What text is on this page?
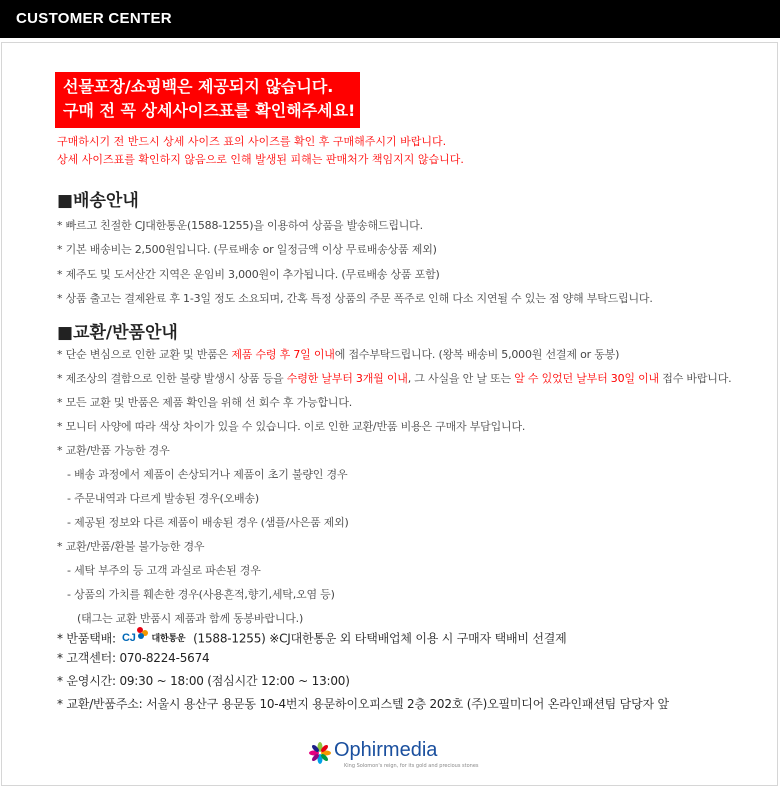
CUSTOMER CENTER
선물포장/쇼핑백은 제공되지 않습니다.
구매 전 꼭 상세사이즈표를 확인해주세요!
구매하시기 전 반드시 상세 사이즈 표의 사이즈를 확인 후 구매해주시기 바랍니다.
상세 사이즈표를 확인하지 않음으로 인해 발생된 피해는 판매처가 책임지지 않습니다.
■배송안내
* 빠르고 친절한 CJ대한통운(1588-1255)을 이용하여 상품을 발송해드립니다.
* 기본 배송비는 2,500원입니다. (무료배송 or 일정금액 이상 무료배송상품 제외)
* 제주도 및 도서산간 지역은 운임비 3,000원이 추가됩니다. (무료배송 상품 포함)
* 상품 출고는 결제완료 후 1-3일 정도 소요되며, 간혹 특정 상품의 주문 폭주로 인해 다소 지연될 수 있는 점 양해 부탁드립니다.
■교환/반품안내
* 단순 변심으로 인한 교환 및 반품은 제품 수령 후 7일 이내에 접수부탁드립니다. (왕복 배송비 5,000원 선결제 or 동봉)
* 제조상의 결함으로 인한 불량 발생시 상품 등을 수령한 날부터 3개월 이내, 그 사실을 안 날 또는 알 수 있었던 날부터 30일 이내 접수 바랍니다.
* 모든 교환 및 반품은 제품 확인을 위해 선 회수 후 가능합니다.
* 모니터 사양에 따라 색상 차이가 있을 수 있습니다. 이로 인한 교환/반품 비용은 구매자 부담입니다.
* 교환/반품 가능한 경우
- 배송 과정에서 제품이 손상되거나 제품이 초기 불량인 경우
- 주문내역과 다르게 발송된 경우(오배송)
- 제공된 정보와 다른 제품이 배송된 경우 (샘플/사은품 제외)
* 교환/반품/환불 불가능한 경우
- 세탁 부주의 등 고객 과실로 파손된 경우
- 상품의 가치를 훼손한 경우(사용흔적,향기,세탁,오염 등)
(태그는 교환 반품시 제품과 함께 동봉바랍니다.)
* 반품택배: CJ 대한통운 (1588-1255) ※CJ대한통운 외 타택배업체 이용 시 구매자 택배비 선결제
* 고객센터: 070-8224-5674
* 운영시간: 09:30 ~ 18:00 (점심시간 12:00 ~ 13:00)
* 교환/반품주소: 서울시 용산구 용문동 10-4번지 용문하이오피스텔 2층 202호 (주)오필미디어 온라인패션팀 담당자 앞
Ophirmedia
King Solomon's reign, for its gold and precious stones
